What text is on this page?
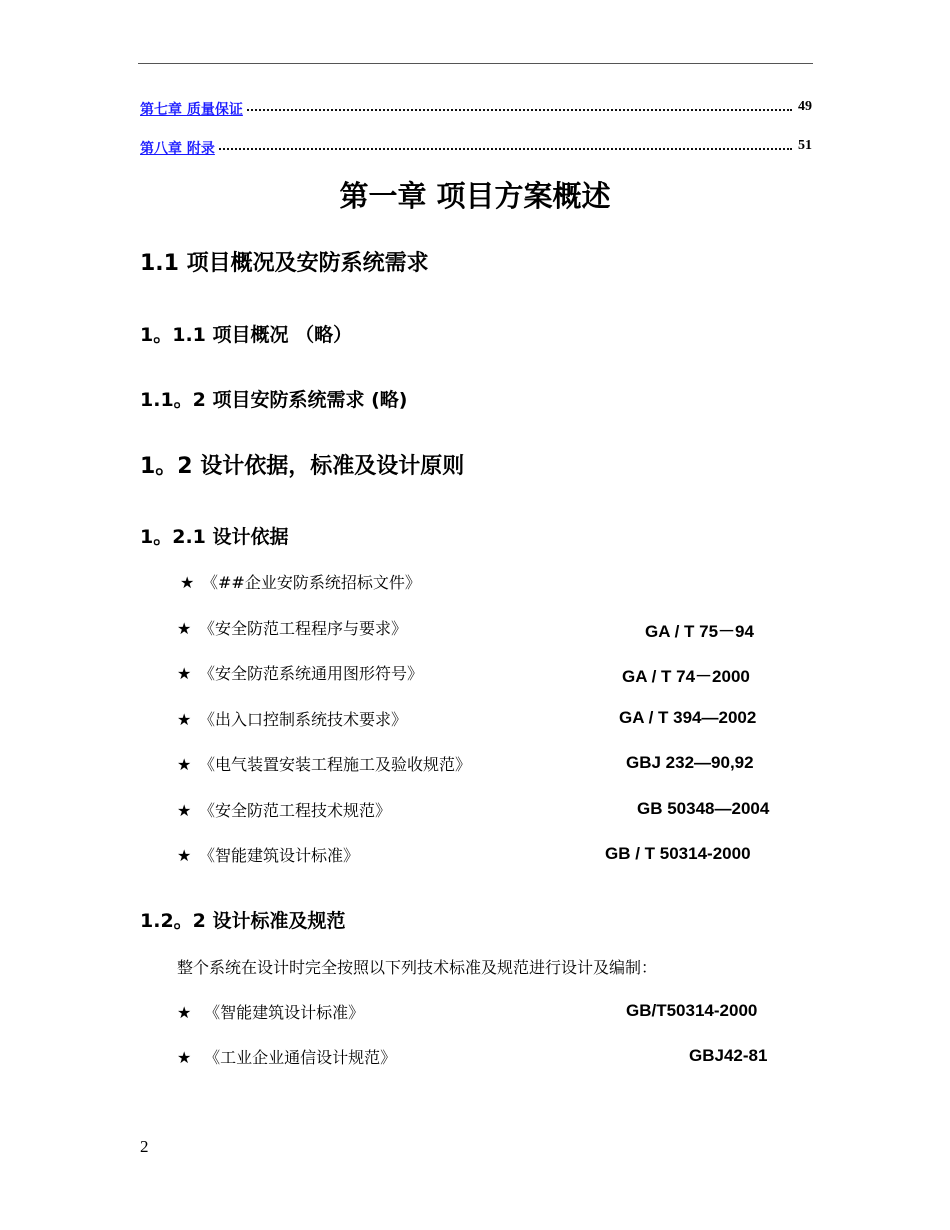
第七章 质量保证	49
第八章 附录	51
第一章 项目方案概述
1.1 项目概况及安防系统需求
1。1.1 项目概况 （略）
1.1。2 项目安防系统需求 (略)
1。2 设计依据，标准及设计原则
1。2.1 设计依据
★ 《##企业安防系统招标文件》
★ 《安全防范工程程序与要求》	GA / T 75－94
★ 《安全防范系统通用图形符号》	GA / T 74－2000
★ 《出入口控制系统技术要求》	GA / T 394—2002
★ 《电气装置安装工程施工及验收规范》	GBJ 232—90,92
★ 《安全防范工程技术规范》	GB 50348—2004
★ 《智能建筑设计标准》	GB / T 50314-2000
1.2。2 设计标准及规范
整个系统在设计时完全按照以下列技术标准及规范进行设计及编制：
★ 《智能建筑设计标准》	GB/T50314-2000
★ 《工业企业通信设计规范》	GBJ42-81
2
